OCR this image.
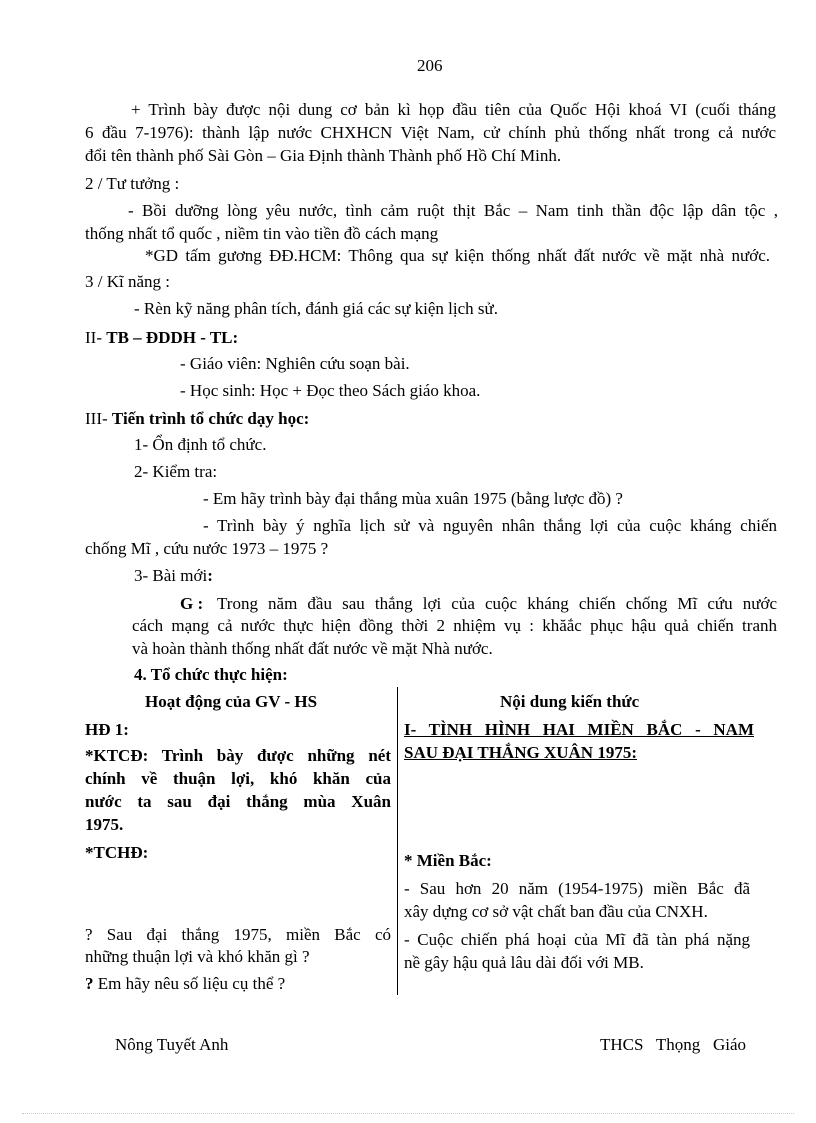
206
+ Trình bày được nội dung cơ bản kì họp đầu tiên của Quốc Hội khoá VI (cuối tháng
6 đầu 7-1976): thành lập nước CHXHCN Việt Nam, cử chính phủ thống nhất trong cả nước
đổi tên thành phố Sài Gòn – Gia Định thành Thành phố Hồ Chí Minh.
2 / Tư tưởng :
- Bồi dưỡng lòng yêu nước, tình cảm ruột thịt Bắc – Nam tinh thần độc lập dân tộc ,
thống nhất tổ quốc , niềm tin vào tiền đồ cách mạng
*GD tấm gương ĐĐ.HCM: Thông qua sự kiện thống nhất đất nước về mặt nhà nước.
3 / Kĩ năng :
- Rèn kỹ năng phân tích, đánh giá các sự kiện lịch sử.
II- TB – ĐDDH - TL:
- Giáo viên: Nghiên cứu soạn bài.
- Học sinh: Học + Đọc theo Sách giáo khoa.
III- Tiến trình tổ chức dạy học:
1- Ổn định tổ chức.
2- Kiểm tra:
- Em hãy trình bày đại thắng mùa xuân 1975 (bằng lược đồ) ?
- Trình bày ý nghĩa lịch sử và nguyên nhân thắng lợi của cuộc kháng chiến
chống Mĩ , cứu nước 1973 – 1975 ?
3- Bài mới:
G : Trong năm đầu sau thắng lợi của cuộc kháng chiến chống Mĩ cứu nước
cách mạng cả nước thực hiện đồng thời 2 nhiệm vụ : khăắc phục hậu quả chiến tranh
và hoàn thành thống nhất đất nước về mặt Nhà nước.
4. Tổ chức thực hiện:
Hoạt động của GV - HS	Nội dung kiến thức
HĐ 1:
*KTCĐ: Trình bày được những nét
chính về thuận lợi, khó khăn của
nước ta sau đại thắng mùa Xuân
1975.
*TCHĐ:
? Sau đại thắng 1975, miền Bắc có
những thuận lợi và khó khăn gì ?
? Em hãy nêu số liệu cụ thể ?
I- TÌNH HÌNH HAI MIỀN BẮC - NAM
SAU ĐẠI THẮNG XUÂN 1975:
* Miền Bắc:
- Sau hơn 20 năm (1954-1975) miền Bắc đã
xây dựng cơ sở vật chất ban đầu của CNXH.
- Cuộc chiến phá hoại của Mĩ đã tàn phá nặng
nề gây hậu quả lâu dài đối với MB.
Nông Tuyết Anh	THCS Thọng Giáo
